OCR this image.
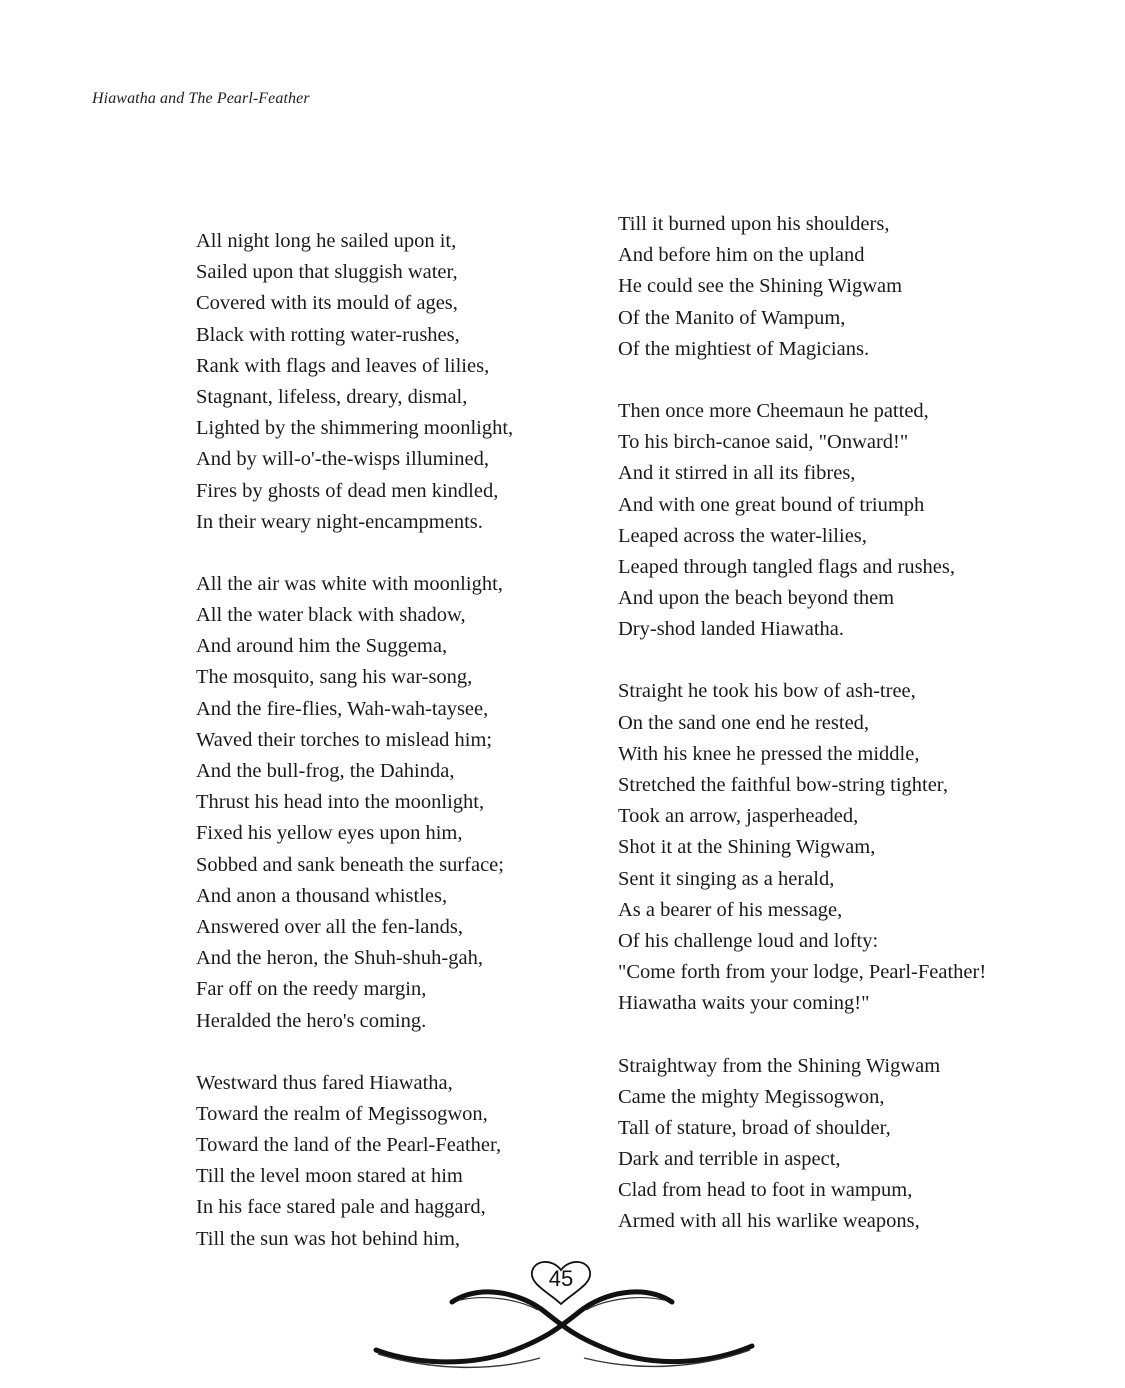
Hiawatha and The Pearl-Feather
All night long he sailed upon it,
Sailed upon that sluggish water,
Covered with its mould of ages,
Black with rotting water-rushes,
Rank with flags and leaves of lilies,
Stagnant, lifeless, dreary, dismal,
Lighted by the shimmering moonlight,
And by will-o'-the-wisps illumined,
Fires by ghosts of dead men kindled,
In their weary night-encampments.
All the air was white with moonlight,
All the water black with shadow,
And around him the Suggema,
The mosquito, sang his war-song,
And the fire-flies, Wah-wah-taysee,
Waved their torches to mislead him;
And the bull-frog, the Dahinda,
Thrust his head into the moonlight,
Fixed his yellow eyes upon him,
Sobbed and sank beneath the surface;
And anon a thousand whistles,
Answered over all the fen-lands,
And the heron, the Shuh-shuh-gah,
Far off on the reedy margin,
Heralded the hero's coming.
Westward thus fared Hiawatha,
Toward the realm of Megissogwon,
Toward the land of the Pearl-Feather,
Till the level moon stared at him
In his face stared pale and haggard,
Till the sun was hot behind him,
Till it burned upon his shoulders,
And before him on the upland
He could see the Shining Wigwam
Of the Manito of Wampum,
Of the mightiest of Magicians.
Then once more Cheemaun he patted,
To his birch-canoe said, "Onward!"
And it stirred in all its fibres,
And with one great bound of triumph
Leaped across the water-lilies,
Leaped through tangled flags and rushes,
And upon the beach beyond them
Dry-shod landed Hiawatha.
Straight he took his bow of ash-tree,
On the sand one end he rested,
With his knee he pressed the middle,
Stretched the faithful bow-string tighter,
Took an arrow, jasperheaded,
Shot it at the Shining Wigwam,
Sent it singing as a herald,
As a bearer of his message,
Of his challenge loud and lofty:
"Come forth from your lodge, Pearl-Feather!
Hiawatha waits your coming!"
Straightway from the Shining Wigwam
Came the mighty Megissogwon,
Tall of stature, broad of shoulder,
Dark and terrible in aspect,
Clad from head to foot in wampum,
Armed with all his warlike weapons,
45
